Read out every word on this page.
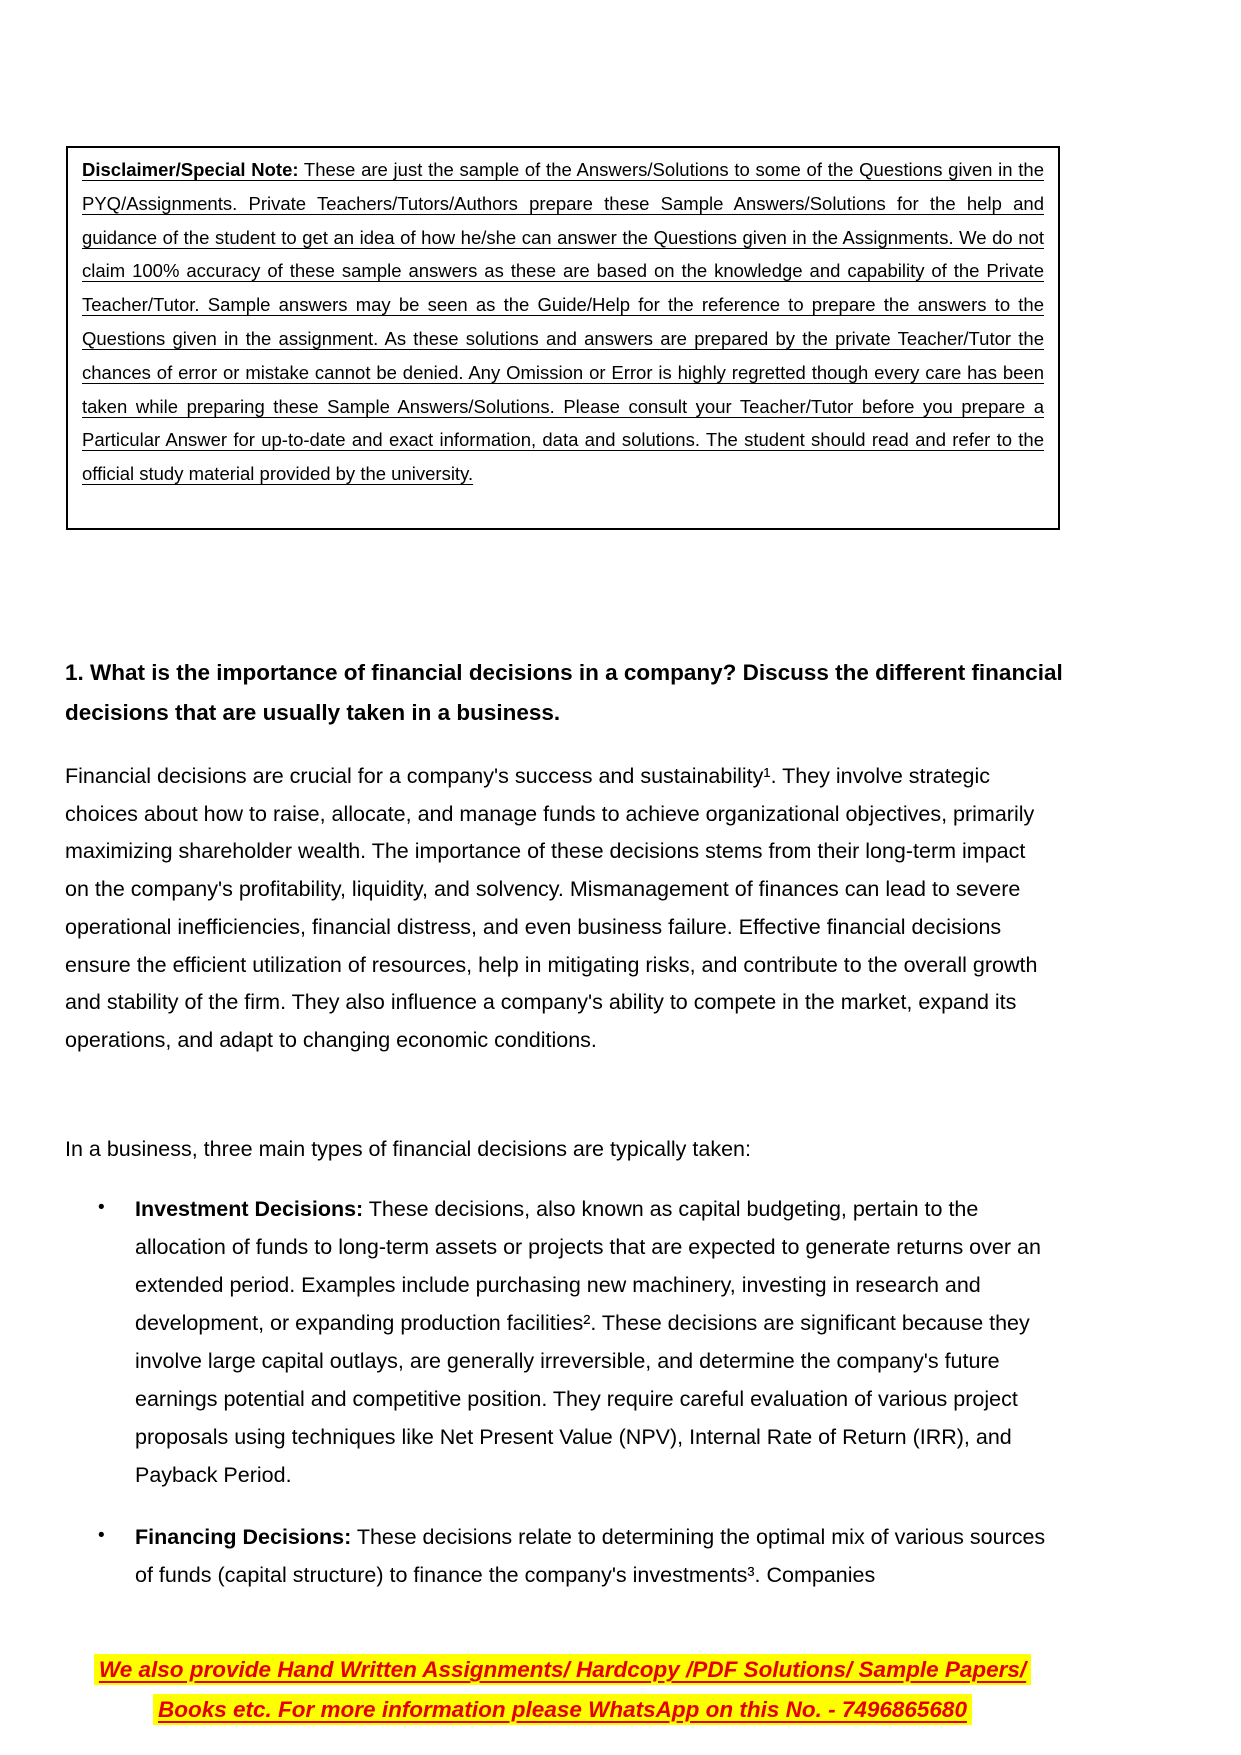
Disclaimer/Special Note: These are just the sample of the Answers/Solutions to some of the Questions given in the PYQ/Assignments. Private Teachers/Tutors/Authors prepare these Sample Answers/Solutions for the help and guidance of the student to get an idea of how he/she can answer the Questions given in the Assignments. We do not claim 100% accuracy of these sample answers as these are based on the knowledge and capability of the Private Teacher/Tutor. Sample answers may be seen as the Guide/Help for the reference to prepare the answers to the Questions given in the assignment. As these solutions and answers are prepared by the private Teacher/Tutor the chances of error or mistake cannot be denied. Any Omission or Error is highly regretted though every care has been taken while preparing these Sample Answers/Solutions. Please consult your Teacher/Tutor before you prepare a Particular Answer for up-to-date and exact information, data and solutions. The student should read and refer to the official study material provided by the university.

1. What is the importance of financial decisions in a company? Discuss the different financial decisions that are usually taken in a business.
Financial decisions are crucial for a company's success and sustainability¹. They involve strategic choices about how to raise, allocate, and manage funds to achieve organizational objectives, primarily maximizing shareholder wealth. The importance of these decisions stems from their long-term impact on the company's profitability, liquidity, and solvency. Mismanagement of finances can lead to severe operational inefficiencies, financial distress, and even business failure. Effective financial decisions ensure the efficient utilization of resources, help in mitigating risks, and contribute to the overall growth and stability of the firm. They also influence a company's ability to compete in the market, expand its operations, and adapt to changing economic conditions.
In a business, three main types of financial decisions are typically taken:
• Investment Decisions: These decisions, also known as capital budgeting, pertain to the allocation of funds to long-term assets or projects that are expected to generate returns over an extended period. Examples include purchasing new machinery, investing in research and development, or expanding production facilities². These decisions are significant because they involve large capital outlays, are generally irreversible, and determine the company's future earnings potential and competitive position. They require careful evaluation of various project proposals using techniques like Net Present Value (NPV), Internal Rate of Return (IRR), and Payback Period.
• Financing Decisions: These decisions relate to determining the optimal mix of various sources of funds (capital structure) to finance the company's investments³. Companies
We also provide Hand Written Assignments/ Hardcopy /PDF Solutions/ Sample Papers/
Books etc. For more information please WhatsApp on this No. - 7496865680
